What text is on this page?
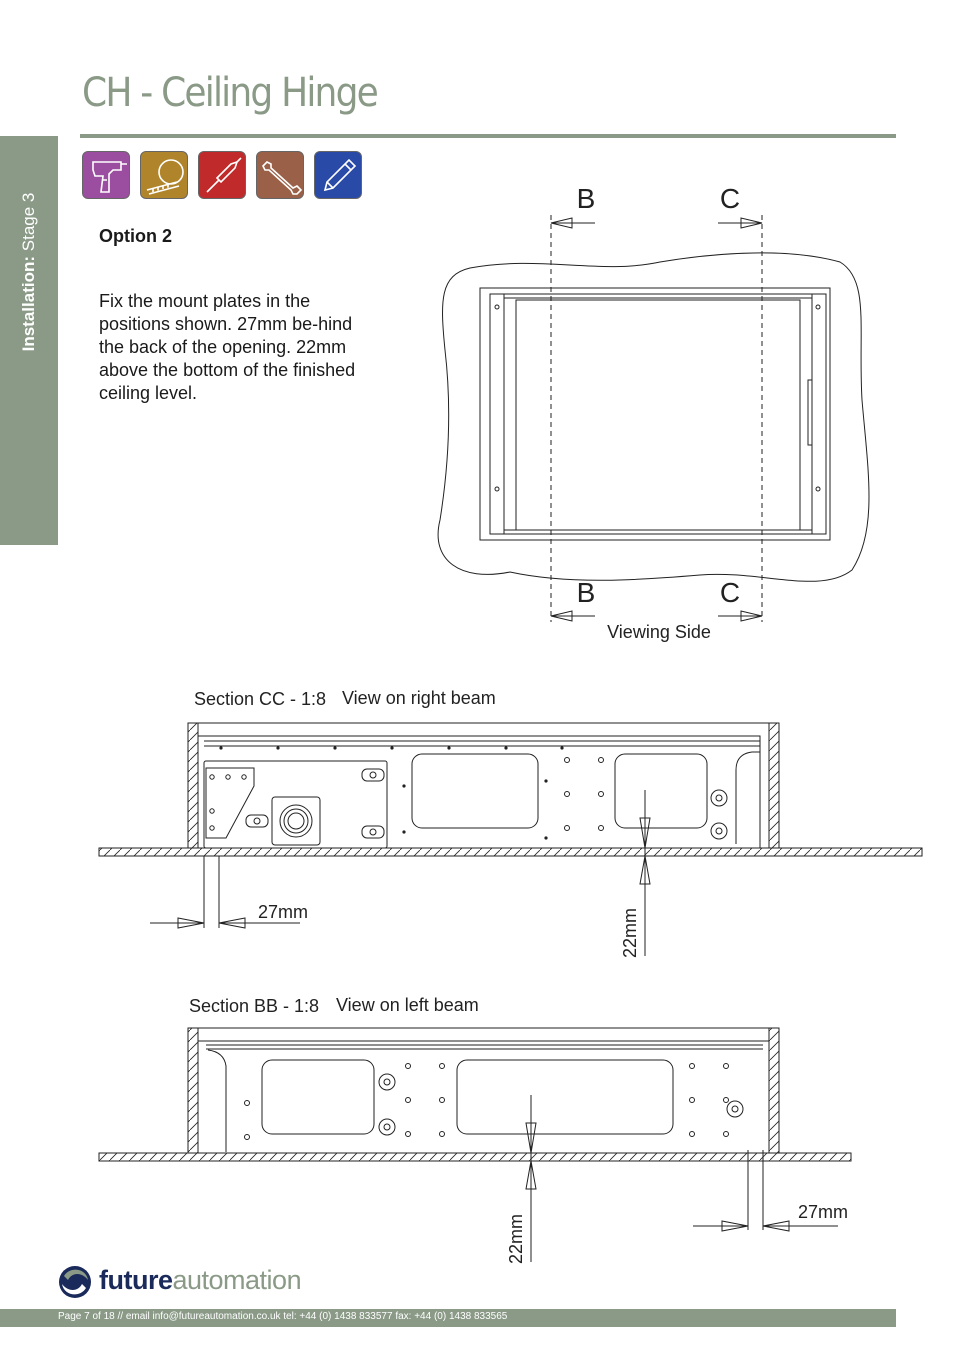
CH - Ceiling Hinge
Installation: Stage 3	Option 2
Fix the mount plates in the positions shown. 27mm be-hind the back of the opening. 22mm above the bottom of the finished ceiling level.
B	C
B	C
Viewing Side
Section CC - 1:8 View on right beam
27mm	22mm
Section BB - 1:8 View on left beam
27mm
22mm
futureautomation
Page 7 of 18 // email info@futureautomation.co.uk tel: +44 (0) 1438 833577 fax: +44 (0) 1438 833565
